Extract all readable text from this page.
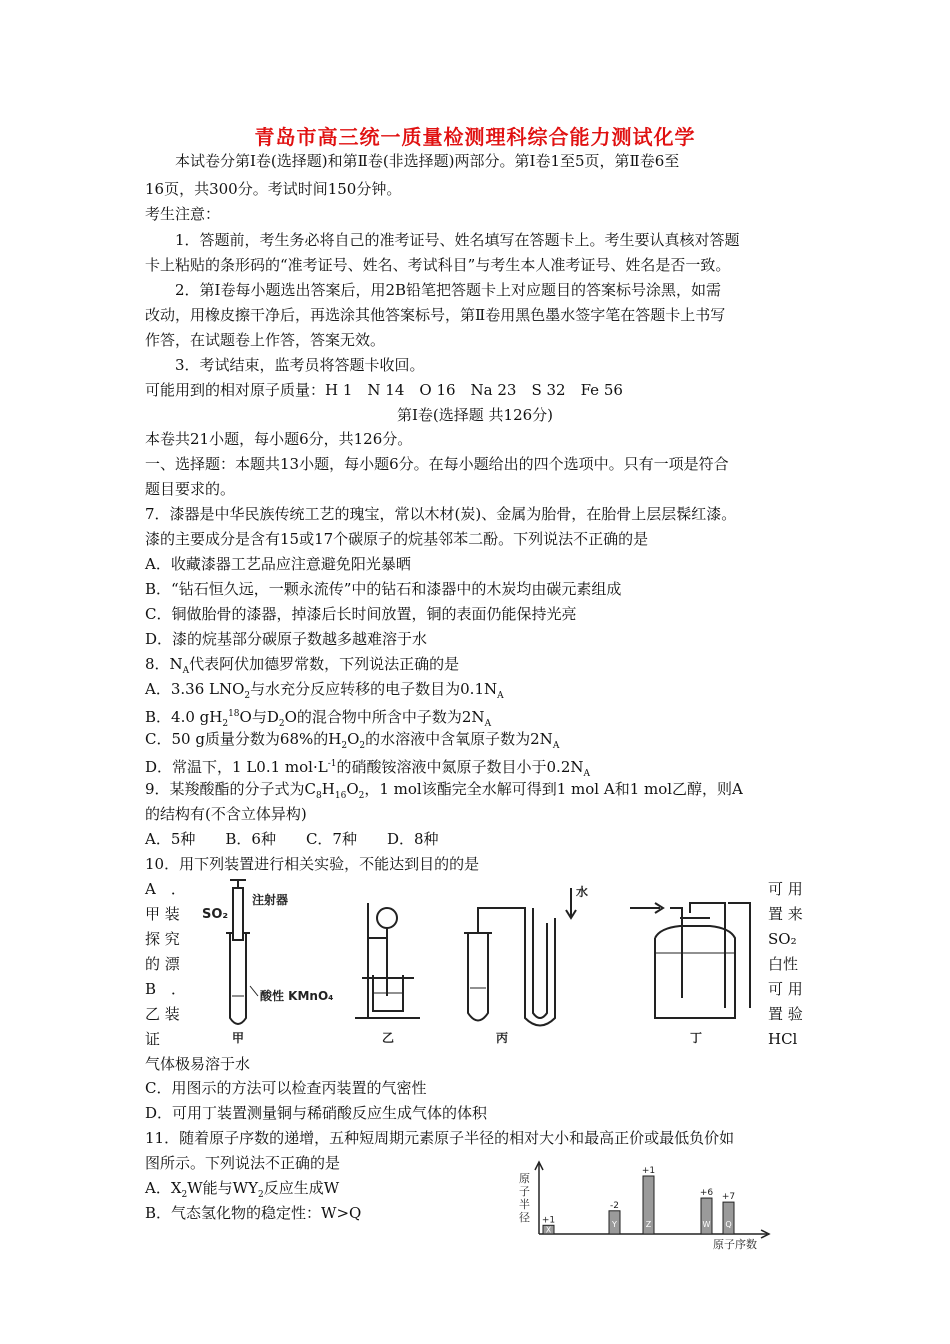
青岛市高三统一质量检测理科综合能力测试化学
本试卷分第Ⅰ卷(选择题)和第Ⅱ卷(非选择题)两部分。第Ⅰ卷1至5页，第Ⅱ卷6至
16页，共300分。考试时间150分钟。
考生注意：
1．答题前，考生务必将自己的准考证号、姓名填写在答题卡上。考生要认真核对答题
卡上粘贴的条形码的“准考证号、姓名、考试科目”与考生本人准考证号、姓名是否一致。
2．第Ⅰ卷每小题选出答案后，用2B铅笔把答题卡上对应题目的答案标号涂黑，如需
改动，用橡皮擦干净后，再选涂其他答案标号，第Ⅱ卷用黑色墨水签字笔在答题卡上书写
作答，在试题卷上作答，答案无效。
3．考试结束，监考员将答题卡收回。
可能用到的相对原子质量：H 1　N 14　O 16　Na 23　S 32　Fe 56
第Ⅰ卷(选择题 共126分)
本卷共21小题，每小题6分，共126分。
一、选择题：本题共13小题，每小题6分。在每小题给出的四个选项中。只有一项是符合
题目要求的。
7．漆器是中华民族传统工艺的瑰宝，常以木材(炭)、金属为胎骨，在胎骨上层层髹红漆。
漆的主要成分是含有15或17个碳原子的烷基邻苯二酚。下列说法不正确的是
A．收藏漆器工艺品应注意避免阳光暴晒
B．“钻石恒久远，一颗永流传”中的钻石和漆器中的木炭均由碳元素组成
C．铜做胎骨的漆器，掉漆后长时间放置，铜的表面仍能保持光亮
D．漆的烷基部分碳原子数越多越难溶于水
8．$N_A$代表阿伏加德罗常数，下列说法正确的是
A．3.36 $LNO_2$与水充分反应转移的电子数目为$0.1N_A$
B．4.0 $gH_2^{18}O$与$D_2O$的混合物中所含中子数为$2N_A$
C．50 g质量分数为68%的$H_2O_2$的水溶液中含氧原子数为$2N_A$
D．常温下，1 L0.1 $mol\cdot L^{-1}$的硝酸铵溶液中氮原子数目小于$0.2N_A$
9．某羧酸酯的分子式为$C_8H_{16}O_2$，1 mol该酯完全水解可得到1 mol A和1 mol乙醇，则A
的结构有(不含立体异构)
A．5种　　B．6种　　C．7种　　D．8种
10．用下列装置进行相关实验，不能达到目的的是
A　．
甲 装
探 究
的 漂
B　．
乙 装
证
可 用
置 来
SO₂
白性
可 用
置 验
HCl
SO₂
注射器
酸性 KMnO₄
水
甲	乙	丙	丁
气体极易溶于水
C．用图示的方法可以检查丙装置的气密性
D．可用丁装置测量铜与稀硝酸反应生成气体的体积
11．随着原子序数的递增，五种短周期元素原子半径的相对大小和最高正价或最低负价如
图所示。下列说法不正确的是
A．$X_2W$能与$WY_2$反应生成W
B．气态氢化物的稳定性：W>Q
原
子
半
径
原子序数
+1
X
-2
Y
+1
Z
+6
W
+7
Q
